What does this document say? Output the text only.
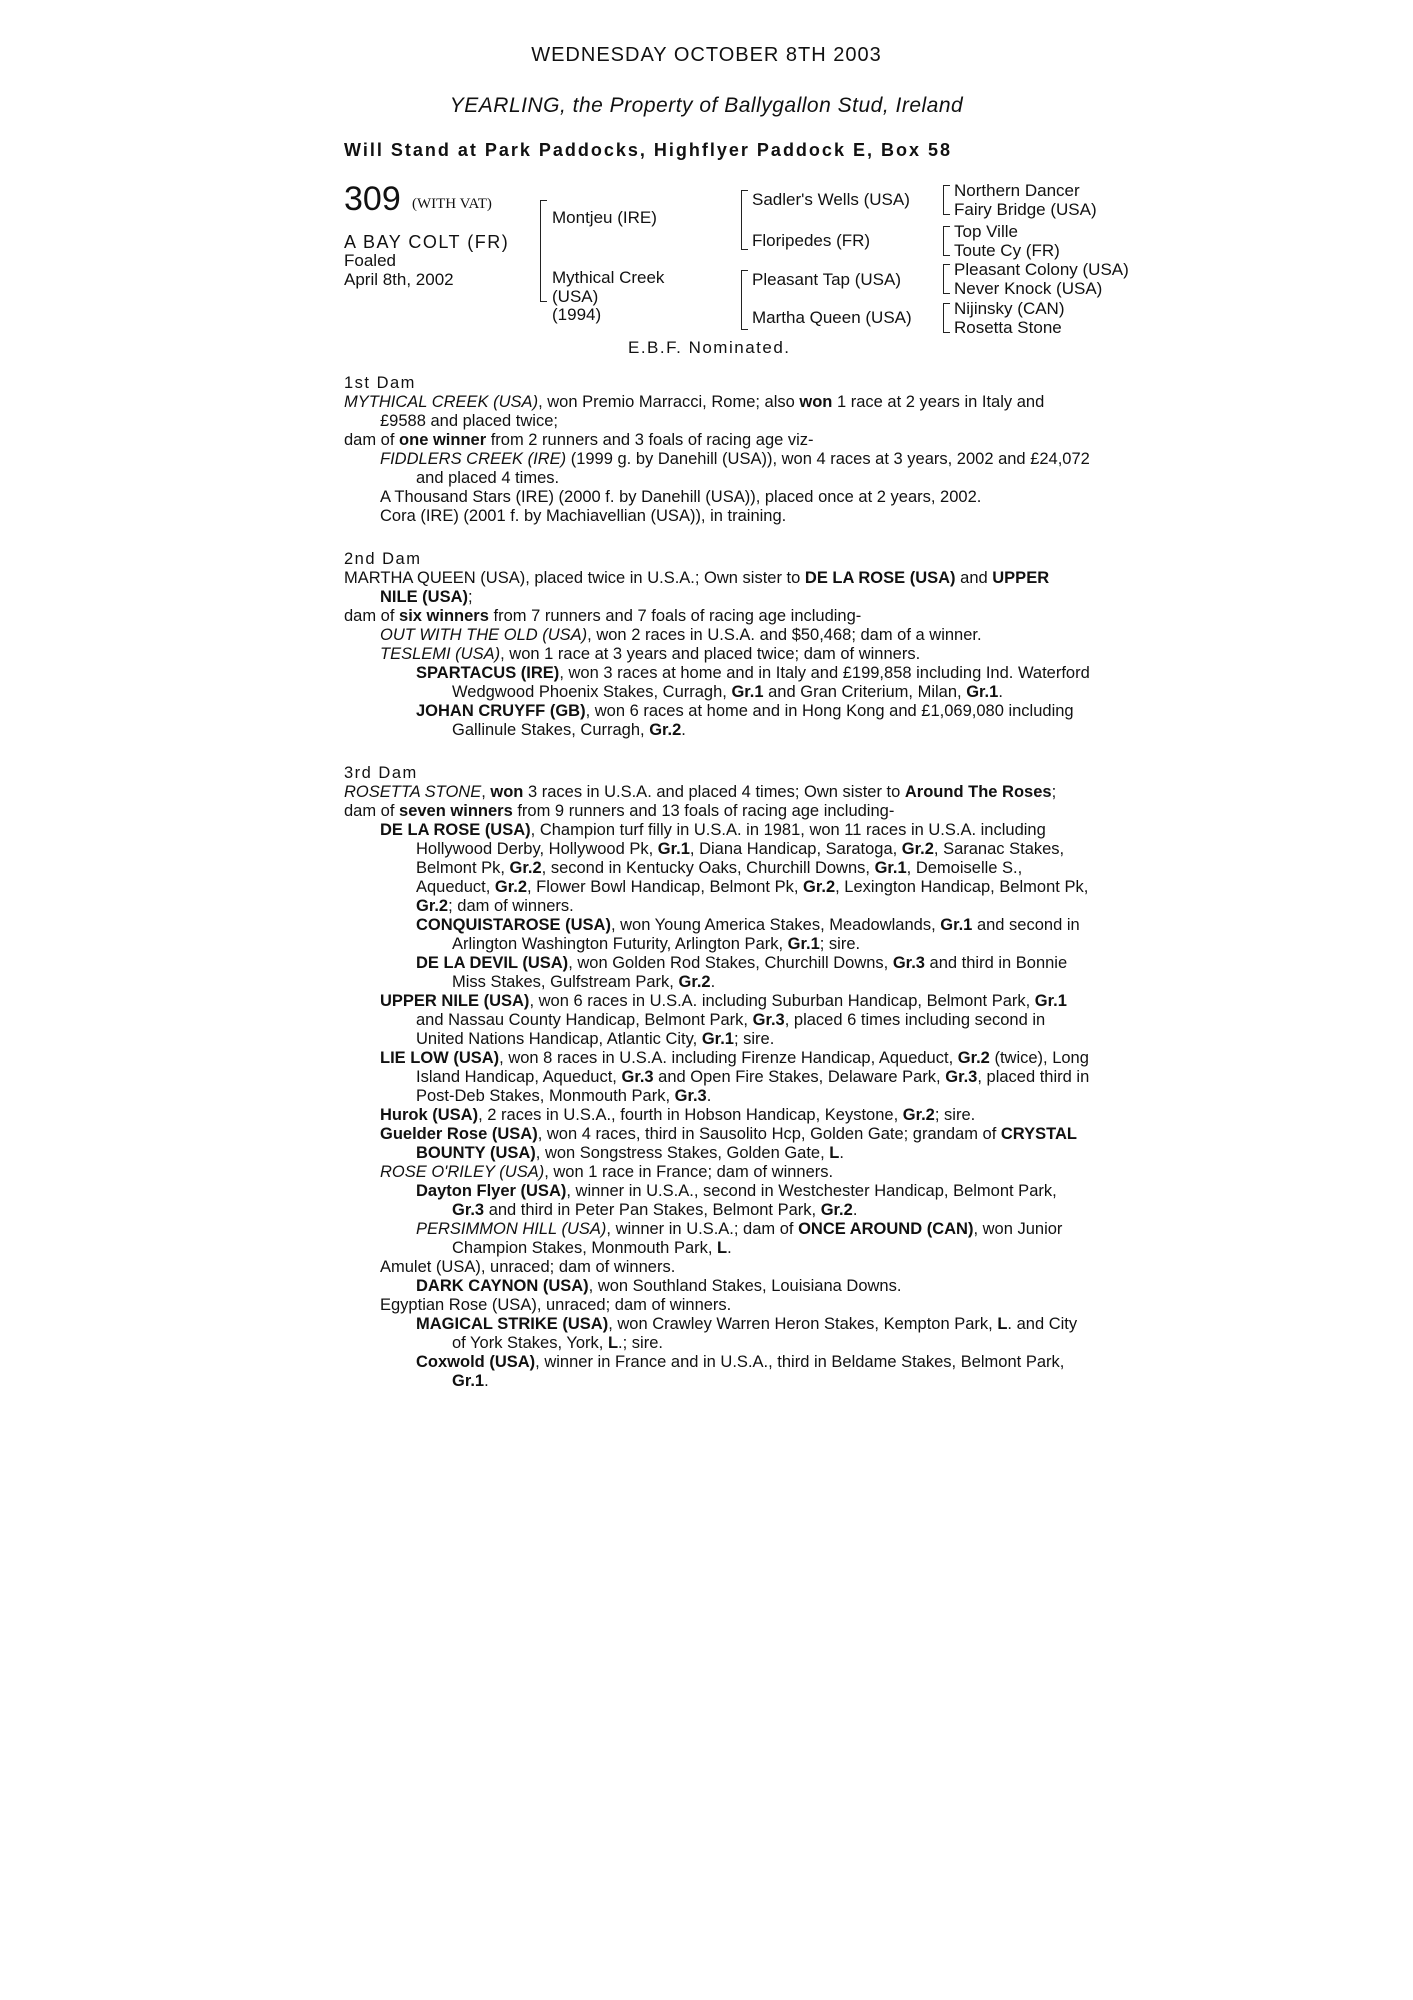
WEDNESDAY OCTOBER 8TH 2003
YEARLING, the Property of Ballygallon Stud, Ireland
Will Stand at Park Paddocks, Highflyer Paddock E, Box 58
309 (WITH VAT)
A BAY COLT (FR)
Foaled
April 8th, 2002
Montjeu (IRE)
Mythical Creek
(USA)
(1994)
Sadler's Wells (USA)
Floripedes (FR)
Pleasant Tap (USA)
Martha Queen (USA)
Northern Dancer
Fairy Bridge (USA)
Top Ville
Toute Cy (FR)
Pleasant Colony (USA)
Never Knock (USA)
Nijinsky (CAN)
Rosetta Stone
E.B.F. Nominated.

1st Dam

MYTHICAL CREEK (USA), won Premio Marracci, Rome; also won 1 race at 2 years in Italy and £9588 and placed twice;

dam of one winner from 2 runners and 3 foals of racing age viz-

FIDDLERS CREEK (IRE) (1999 g. by Danehill (USA)), won 4 races at 3 years, 2002 and £24,072 and placed 4 times.

A Thousand Stars (IRE) (2000 f. by Danehill (USA)), placed once at 2 years, 2002.

Cora (IRE) (2001 f. by Machiavellian (USA)), in training.

2nd Dam

MARTHA QUEEN (USA), placed twice in U.S.A.; Own sister to DE LA ROSE (USA) and UPPER NILE (USA);

dam of six winners from 7 runners and 7 foals of racing age including-

OUT WITH THE OLD (USA), won 2 races in U.S.A. and $50,468; dam of a winner.

TESLEMI (USA), won 1 race at 3 years and placed twice; dam of winners.

SPARTACUS (IRE), won 3 races at home and in Italy and £199,858 including Ind. Waterford Wedgwood Phoenix Stakes, Curragh, Gr.1 and Gran Criterium, Milan, Gr.1.

JOHAN CRUYFF (GB), won 6 races at home and in Hong Kong and £1,069,080 including Gallinule Stakes, Curragh, Gr.2.

3rd Dam

ROSETTA STONE, won 3 races in U.S.A. and placed 4 times; Own sister to Around The Roses;

dam of seven winners from 9 runners and 13 foals of racing age including-

DE LA ROSE (USA), Champion turf filly in U.S.A. in 1981, won 11 races in U.S.A. including Hollywood Derby, Hollywood Pk, Gr.1, Diana Handicap, Saratoga, Gr.2, Saranac Stakes, Belmont Pk, Gr.2, second in Kentucky Oaks, Churchill Downs, Gr.1, Demoiselle S., Aqueduct, Gr.2, Flower Bowl Handicap, Belmont Pk, Gr.2, Lexington Handicap, Belmont Pk, Gr.2; dam of winners.

CONQUISTAROSE (USA), won Young America Stakes, Meadowlands, Gr.1 and second in Arlington Washington Futurity, Arlington Park, Gr.1; sire.

DE LA DEVIL (USA), won Golden Rod Stakes, Churchill Downs, Gr.3 and third in Bonnie Miss Stakes, Gulfstream Park, Gr.2.

UPPER NILE (USA), won 6 races in U.S.A. including Suburban Handicap, Belmont Park, Gr.1 and Nassau County Handicap, Belmont Park, Gr.3, placed 6 times including second in United Nations Handicap, Atlantic City, Gr.1; sire.

LIE LOW (USA), won 8 races in U.S.A. including Firenze Handicap, Aqueduct, Gr.2 (twice), Long Island Handicap, Aqueduct, Gr.3 and Open Fire Stakes, Delaware Park, Gr.3, placed third in Post-Deb Stakes, Monmouth Park, Gr.3.

Hurok (USA), 2 races in U.S.A., fourth in Hobson Handicap, Keystone, Gr.2; sire.

Guelder Rose (USA), won 4 races, third in Sausolito Hcp, Golden Gate; grandam of CRYSTAL BOUNTY (USA), won Songstress Stakes, Golden Gate, L.

ROSE O'RILEY (USA), won 1 race in France; dam of winners.

Dayton Flyer (USA), winner in U.S.A., second in Westchester Handicap, Belmont Park, Gr.3 and third in Peter Pan Stakes, Belmont Park, Gr.2.

PERSIMMON HILL (USA), winner in U.S.A.; dam of ONCE AROUND (CAN), won Junior Champion Stakes, Monmouth Park, L.

Amulet (USA), unraced; dam of winners.

DARK CAYNON (USA), won Southland Stakes, Louisiana Downs.

Egyptian Rose (USA), unraced; dam of winners.

MAGICAL STRIKE (USA), won Crawley Warren Heron Stakes, Kempton Park, L. and City of York Stakes, York, L.; sire.

Coxwold (USA), winner in France and in U.S.A., third in Beldame Stakes, Belmont Park, Gr.1.
